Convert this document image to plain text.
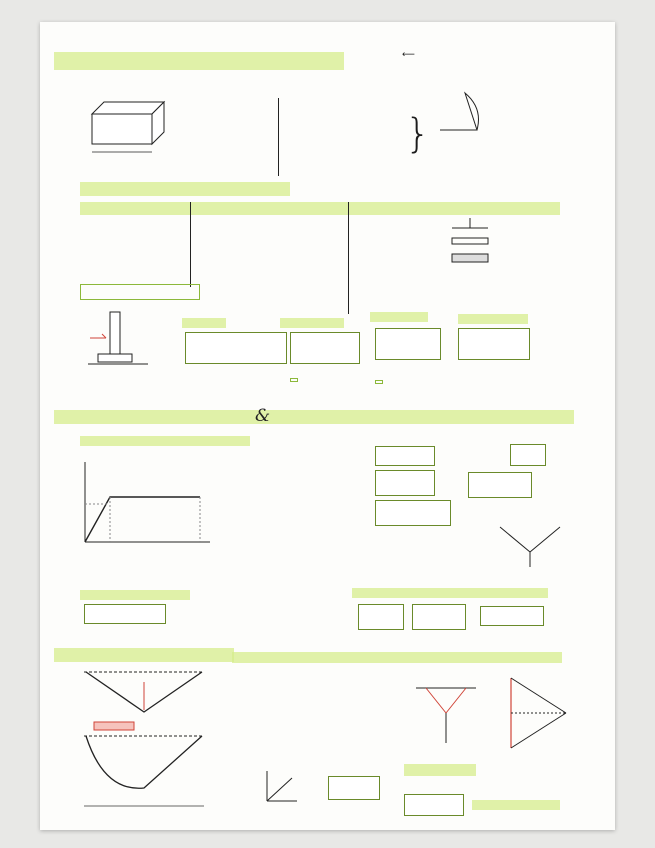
⟵
}
&
